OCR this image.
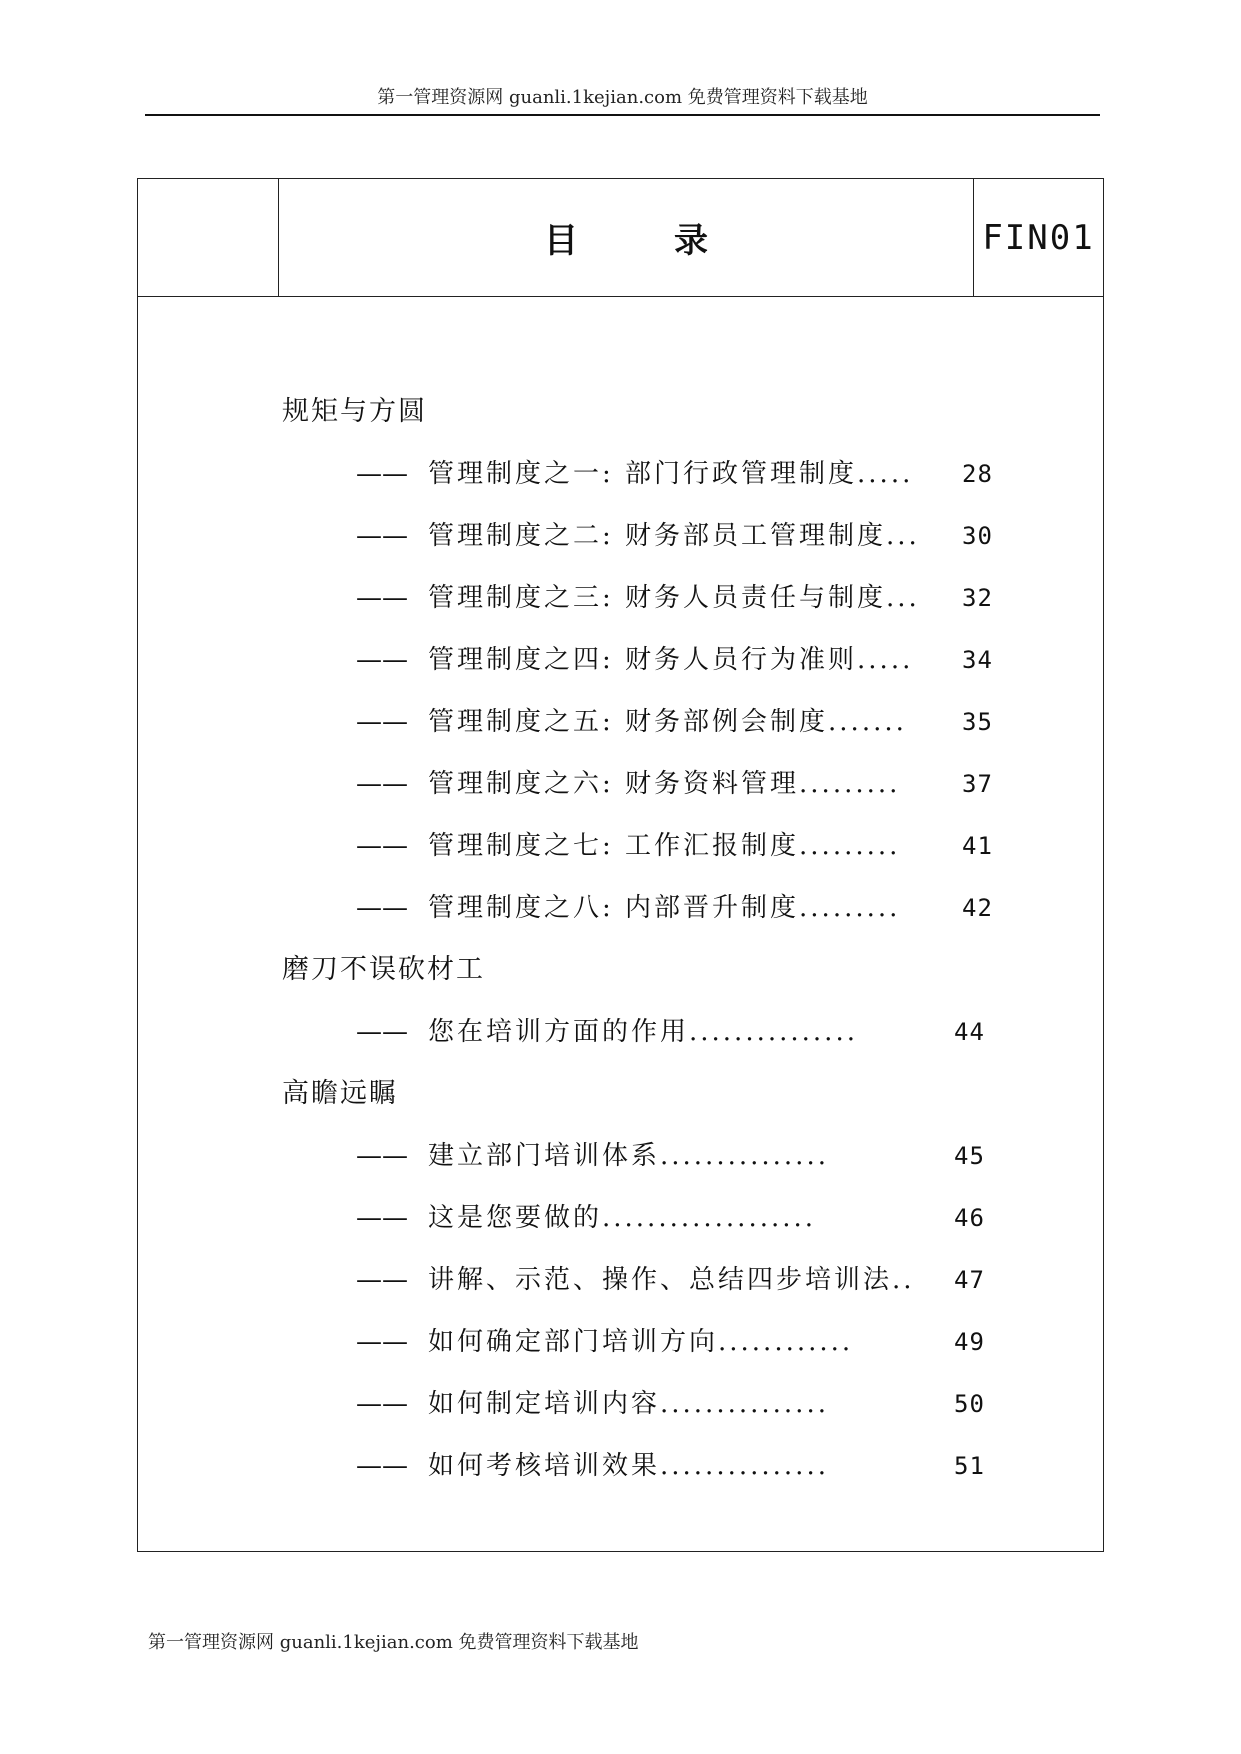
第一管理资源网 guanli.1kejian.com 免费管理资料下载基地
目录	FIN01
规矩与方圆
—— 管理制度之一: 部门行政管理制度..... 28
—— 管理制度之二: 财务部员工管理制度... 30
—— 管理制度之三: 财务人员责任与制度... 32
—— 管理制度之四: 财务人员行为准则..... 34
—— 管理制度之五: 财务部例会制度....... 35
—— 管理制度之六: 财务资料管理.........	37
—— 管理制度之七: 工作汇报制度.........	41
—— 管理制度之八: 内部晋升制度.........	42
磨刀不误砍材工
—— 您在培训方面的作用...............	44
高瞻远瞩
—— 建立部门培训体系...............	45
—— 这是您要做的...................	46
—— 讲解、示范、操作、总结四步培训法.. 47
—— 如何确定部门培训方向............	49
—— 如何制定培训内容...............	50
—— 如何考核培训效果...............	51
第一管理资源网 guanli.1kejian.com 免费管理资料下载基地
